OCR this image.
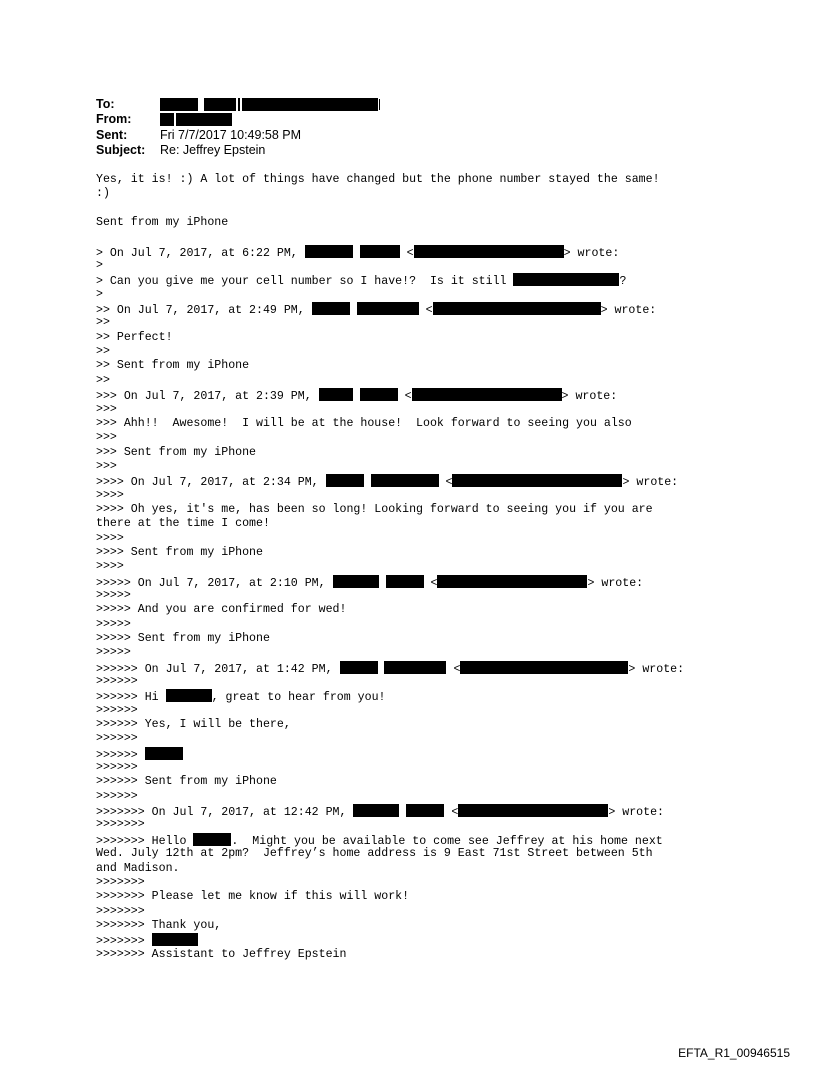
To:
From:
Sent:	Fri 7/7/2017 10:49:58 PM
Subject:	Re: Jeffrey Epstein
Yes, it is! :) A lot of things have changed but the phone number stayed the same!
:)
Sent from my iPhone
> On Jul 7, 2017, at 6:22 PM,	<	> wrote:
>
> Can you give me your cell number so I have!?  Is it still	?
>
>> On Jul 7, 2017, at 2:49 PM,	<	> wrote:
>>
>> Perfect!
>>
>> Sent from my iPhone
>>
>>> On Jul 7, 2017, at 2:39 PM,	<	> wrote:
>>>
>>> Ahh!!  Awesome!  I will be at the house!  Look forward to seeing you also
>>>
>>> Sent from my iPhone
>>>
>>>> On Jul 7, 2017, at 2:34 PM,	<	> wrote:
>>>>
>>>> Oh yes, it's me, has been so long! Looking forward to seeing you if you are
there at the time I come!
>>>>
>>>> Sent from my iPhone
>>>>
>>>>> On Jul 7, 2017, at 2:10 PM,	<	> wrote:
>>>>>
>>>>> And you are confirmed for wed!
>>>>>
>>>>> Sent from my iPhone
>>>>>
>>>>>> On Jul 7, 2017, at 1:42 PM,	<	> wrote:
>>>>>>
>>>>>> Hi	, great to hear from you!
>>>>>>
>>>>>> Yes, I will be there,
>>>>>>
>>>>>>
>>>>>>
>>>>>> Sent from my iPhone
>>>>>>
>>>>>>> On Jul 7, 2017, at 12:42 PM,	<	> wrote:
>>>>>>>
>>>>>>> Hello	.  Might you be available to come see Jeffrey at his home next
Wed. July 12th at 2pm?  Jeffrey’s home address is 9 East 71st Street between 5th
and Madison.
>>>>>>>
>>>>>>> Please let me know if this will work!
>>>>>>>
>>>>>>> Thank you,
>>>>>>>
>>>>>>> Assistant to Jeffrey Epstein
EFTA_R1_00946515
